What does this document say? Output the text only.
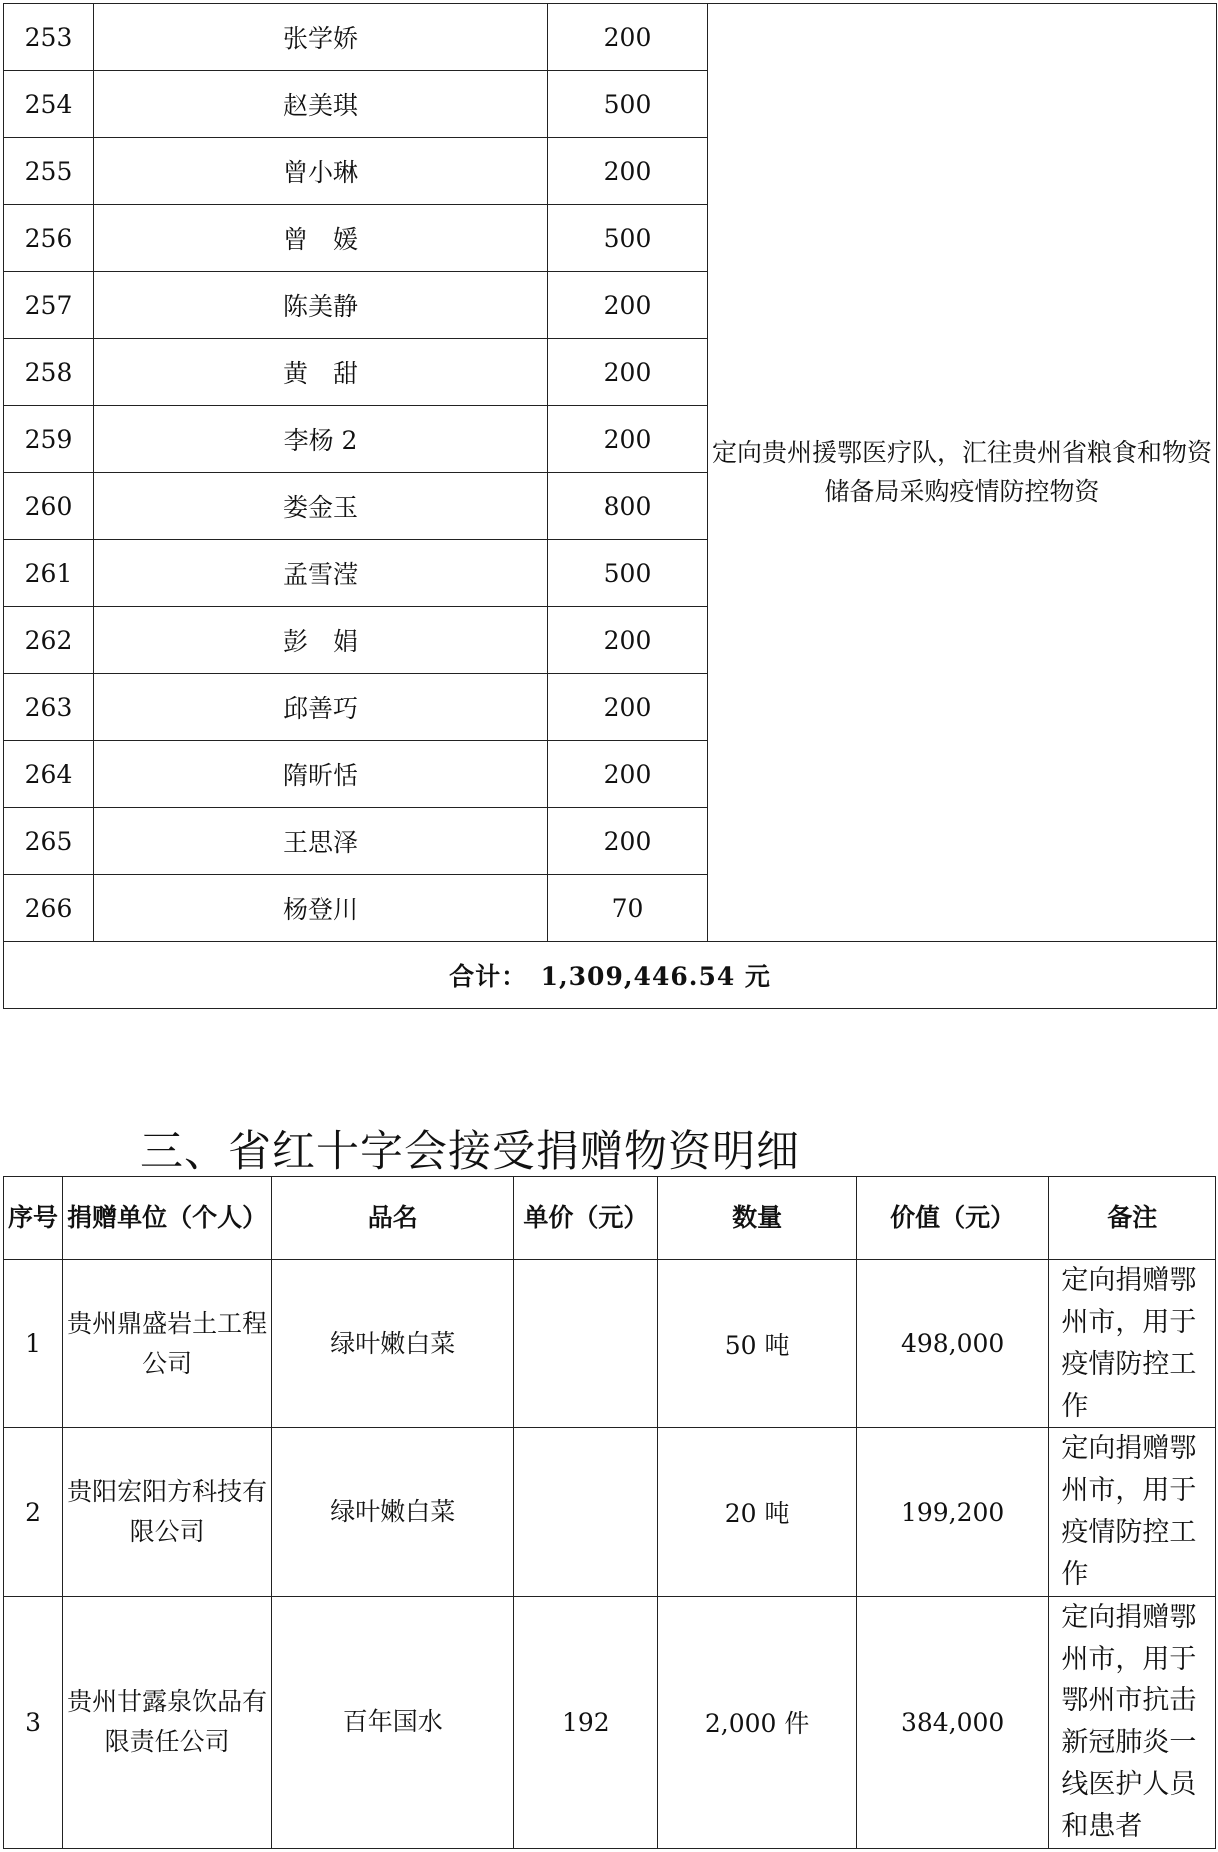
253	张学娇	200	定向贵州援鄂医疗队，汇往贵州省粮食和物资储备局采购疫情防控物资
254	赵美琪	500	
255	曾小琳	200	
256	曾　媛	500	
257	陈美静	200	
258	黄　甜	200	
259	李杨 2	200	
260	娄金玉	800	
261	孟雪滢	500	
262	彭　娟	200	
263	邱善巧	200	
264	隋昕恬	200	
265	王思泽	200	
266	杨登川	70	
合计：　1,309,446.54 元			
三、省红十字会接受捐赠物资明细
序号	捐赠单位（个人）	品名	单价（元）	数量	价值（元）	备注
1	贵州鼎盛岩土工程公司	绿叶嫩白菜		50 吨	498,000	定向捐赠鄂州市，用于疫情防控工作
2	贵阳宏阳方科技有限公司	绿叶嫩白菜		20 吨	199,200	定向捐赠鄂州市，用于疫情防控工作
3	贵州甘露泉饮品有限责任公司	百年国水	192	2,000 件	384,000	定向捐赠鄂州市，用于鄂州市抗击新冠肺炎一线医护人员和患者
